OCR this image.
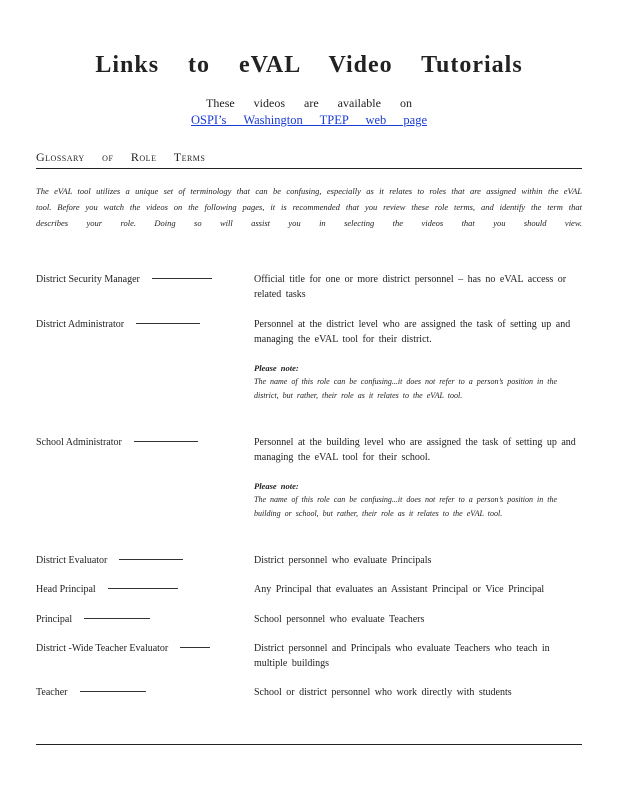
Links to eVAL Video Tutorials
These videos are available on
OSPI’s Washington TPEP web page
Glossary of Role Terms
The eVAL tool utilizes a unique set of terminology that can be confusing, especially as it relates to roles that are assigned within the eVAL tool. Before you watch the videos on the following pages, it is recommended that you review these role terms, and identify the term that describes your role. Doing so will assist you in selecting the videos that you should view.
District Security Manager	Official title for one or more district personnel – has no eVAL access or related tasks
District Administrator	Personnel at the district level who are assigned the task of setting up and managing the eVAL tool for their district.
Please note:
The name of this role can be confusing...it does not refer to a person’s position in the district, but rather, their role as it relates to the eVAL tool.
School Administrator	Personnel at the building level who are assigned the task of setting up and managing the eVAL tool for their school.
Please note:
The name of this role can be confusing...it does not refer to a person’s position in the building or school, but rather, their role as it relates to the eVAL tool.
District Evaluator	District personnel who evaluate Principals
Head Principal	Any Principal that evaluates an Assistant Principal or Vice Principal
Principal	School personnel who evaluate Teachers
District -Wide Teacher Evaluator	District personnel and Principals who evaluate Teachers who teach in multiple buildings
Teacher	School or district personnel who work directly with students
